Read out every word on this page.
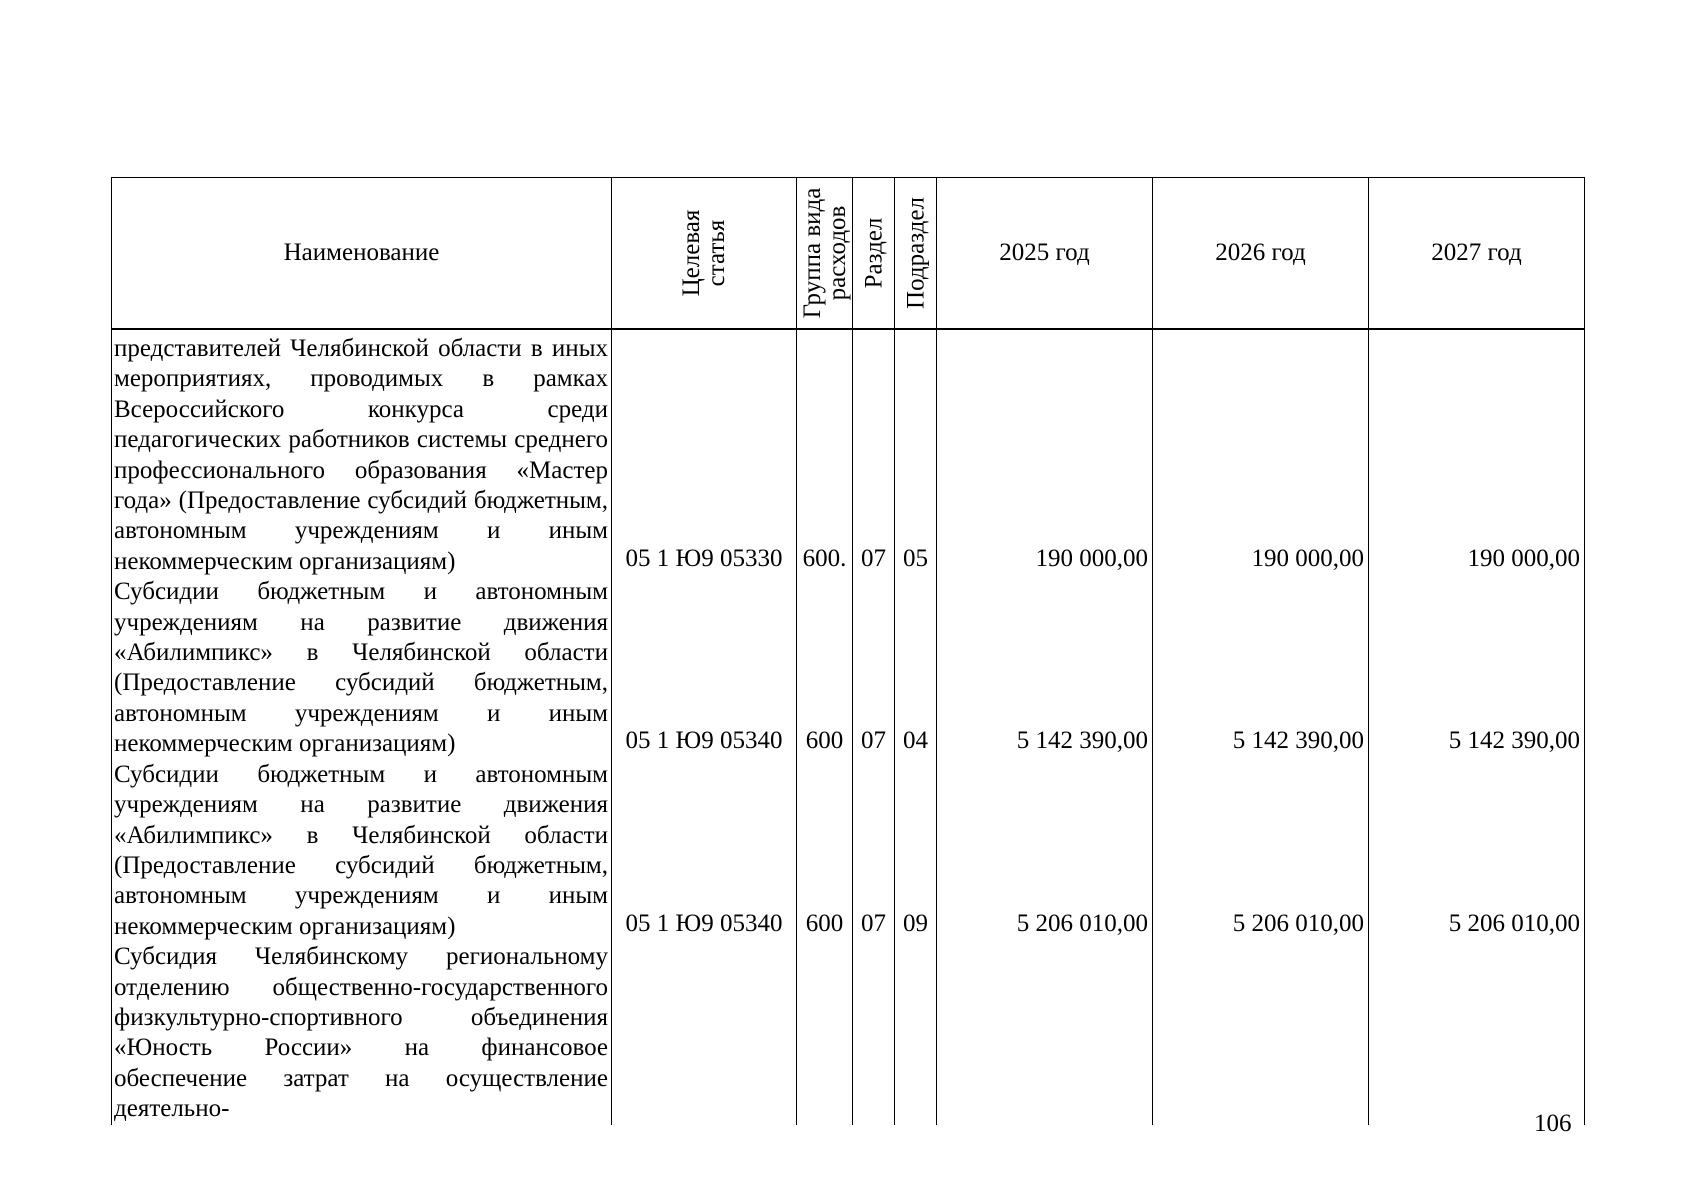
Наименование	Целевая статья	Группа вида расходов	Раздел	Подраздел	2025 год	2026 год	2027 год
представителей Челябинской области в иных мероприятиях, проводимых в рамках Всероссийского конкурса среди педагогических работников системы среднего профессионального образования «Мастер года» (Предоставление субсидий бюджетным, автономным учреждениям и иным некоммерческим организациям)	05 1 Ю9 05330	600.	07	05	190 000,00	190 000,00	190 000,00
Субсидии бюджетным и автономным учреждениям на развитие движения «Абилимпикс» в Челябинской области (Предоставление субсидий бюджетным, автономным учреждениям и иным некоммерческим организациям)	05 1 Ю9 05340	600	07	04	5 142 390,00	5 142 390,00	5 142 390,00
Субсидии бюджетным и автономным учреждениям на развитие движения «Абилимпикс» в Челябинской области (Предоставление субсидий бюджетным, автономным учреждениям и иным некоммерческим организациям)	05 1 Ю9 05340	600	07	09	5 206 010,00	5 206 010,00	5 206 010,00
Субсидия Челябинскому региональному отделению общественно-государственного физкультурно-спортивного объединения «Юность России» на финансовое обеспечение затрат на осуществление деятельно-							
106
